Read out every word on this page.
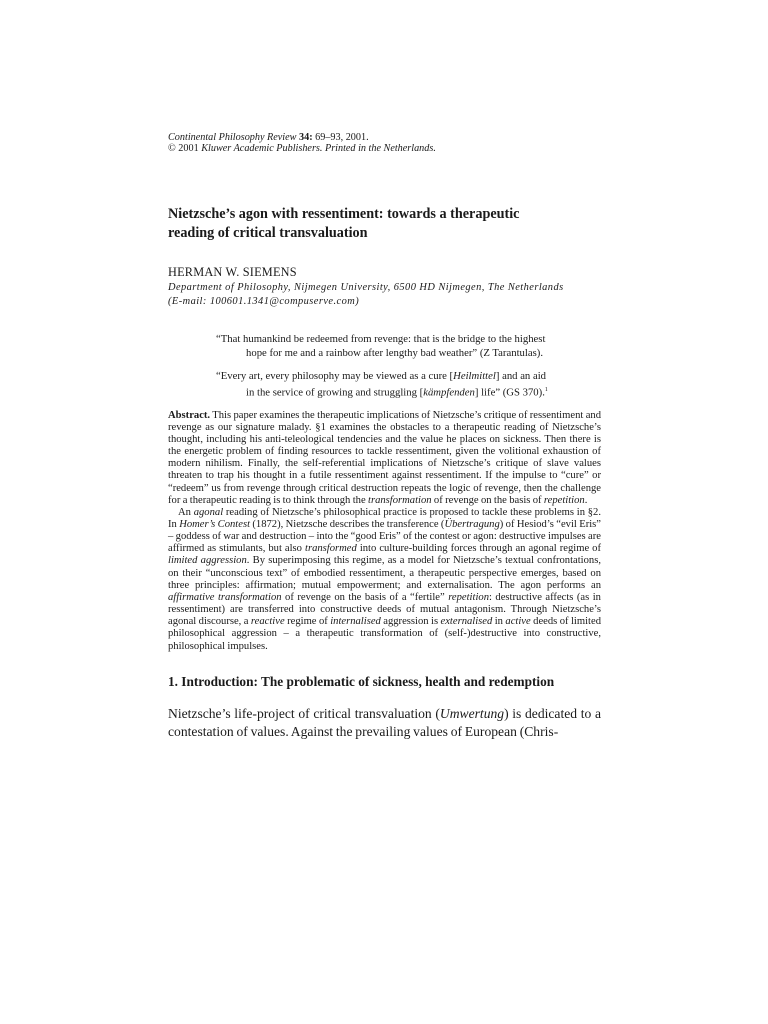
Continental Philosophy Review 34: 69–93, 2001.
© 2001 Kluwer Academic Publishers. Printed in the Netherlands.
Nietzsche’s agon with ressentiment: towards a therapeutic
reading of critical transvaluation
HERMAN W. SIEMENS
Department of Philosophy, Nijmegen University, 6500 HD Nijmegen, The Netherlands
(E-mail: 100601.1341@compuserve.com)
“That humankind be redeemed from revenge: that is the bridge to the highest
hope for me and a rainbow after lengthy bad weather” (Z Tarantulas).
“Every art, every philosophy may be viewed as a cure [Heilmittel] and an aid
in the service of growing and struggling [kämpfenden] life” (GS 370).$^1$

Abstract. This paper examines the therapeutic implications of Nietzsche’s critique of ressentiment and revenge as our signature malady. §1 examines the obstacles to a therapeutic reading of Nietzsche’s thought, including his anti-teleological tendencies and the value he places on sickness. Then there is the energetic problem of finding resources to tackle ressentiment, given the volitional exhaustion of modern nihilism. Finally, the self-referential implications of Nietzsche’s critique of slave values threaten to trap his thought in a futile ressentiment against ressentiment. If the impulse to “cure” or “redeem” us from revenge through critical destruction repeats the logic of revenge, then the challenge for a therapeutic reading is to think through the transformation of revenge on the basis of repetition.

An agonal reading of Nietzsche’s philosophical practice is proposed to tackle these problems in §2. In Homer’s Contest (1872), Nietzsche describes the transference (Übertragung) of Hesiod’s “evil Eris” – goddess of war and destruction – into the “good Eris” of the contest or agon: destructive impulses are affirmed as stimulants, but also transformed into culture-building forces through an agonal regime of limited aggression. By superimposing this regime, as a model for Nietzsche’s textual confrontations, on their “unconscious text” of embodied ressentiment, a therapeutic perspective emerges, based on three principles: affirmation; mutual empowerment; and externalisation. The agon performs an affirmative transformation of revenge on the basis of a “fertile” repetition: destructive affects (as in ressentiment) are transferred into constructive deeds of mutual antagonism. Through Nietzsche’s agonal discourse, a reactive regime of internalised aggression is externalised in active deeds of limited philosophical aggression – a therapeutic transformation of (self-)destructive into constructive, philosophical impulses.

1. Introduction: The problematic of sickness, health and redemption

Nietzsche’s life-project of critical transvaluation (Umwertung) is dedicated to a contestation of values. Against the prevailing values of European (Chris-
